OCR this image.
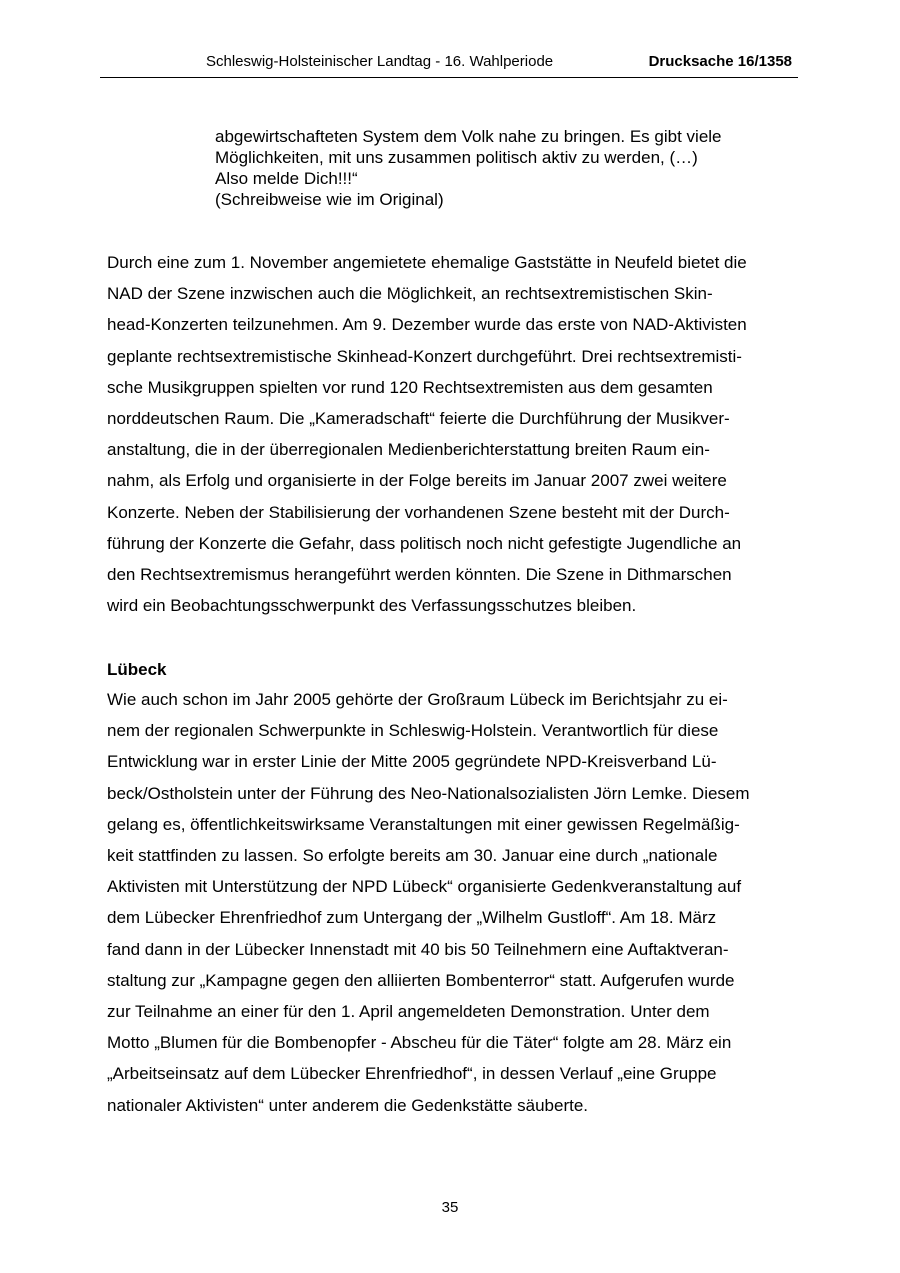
Schleswig-Holsteinischer Landtag - 16. Wahlperiode	Drucksache 16/1358
abgewirtschafteten System dem Volk nahe zu bringen. Es gibt viele
Möglichkeiten, mit uns zusammen politisch aktiv zu werden, (…)
Also melde Dich!!!“
(Schreibweise wie im Original)
Durch eine zum 1. November angemietete ehemalige Gaststätte in Neufeld bietet die
NAD der Szene inzwischen auch die Möglichkeit, an rechtsextremistischen Skin-
head-Konzerten teilzunehmen. Am 9. Dezember wurde das erste von NAD-Aktivisten
geplante rechtsextremistische Skinhead-Konzert durchgeführt. Drei rechtsextremisti-
sche Musikgruppen spielten vor rund 120 Rechtsextremisten aus dem gesamten
norddeutschen Raum. Die „Kameradschaft“ feierte die Durchführung der Musikver-
anstaltung, die in der überregionalen Medienberichterstattung breiten Raum ein-
nahm, als Erfolg und organisierte in der Folge bereits im Januar 2007 zwei weitere
Konzerte. Neben der Stabilisierung der vorhandenen Szene besteht mit der Durch-
führung der Konzerte die Gefahr, dass politisch noch nicht gefestigte Jugendliche an
den Rechtsextremismus herangeführt werden könnten. Die Szene in Dithmarschen
wird ein Beobachtungsschwerpunkt des Verfassungsschutzes bleiben.
Lübeck
Wie auch schon im Jahr 2005 gehörte der Großraum Lübeck im Berichtsjahr zu ei-
nem der regionalen Schwerpunkte in Schleswig-Holstein. Verantwortlich für diese
Entwicklung war in erster Linie der Mitte 2005 gegründete NPD-Kreisverband Lü-
beck/Ostholstein unter der Führung des Neo-Nationalsozialisten Jörn Lemke. Diesem
gelang es, öffentlichkeitswirksame Veranstaltungen mit einer gewissen Regelmäßig-
keit stattfinden zu lassen. So erfolgte bereits am 30. Januar eine durch „nationale
Aktivisten mit Unterstützung der NPD Lübeck“ organisierte Gedenkveranstaltung auf
dem Lübecker Ehrenfriedhof zum Untergang der „Wilhelm Gustloff“. Am 18. März
fand dann in der Lübecker Innenstadt mit 40 bis 50 Teilnehmern eine Auftaktveran-
staltung zur „Kampagne gegen den alliierten Bombenterror“ statt. Aufgerufen wurde
zur Teilnahme an einer für den 1. April angemeldeten Demonstration. Unter dem
Motto „Blumen für die Bombenopfer - Abscheu für die Täter“ folgte am 28. März ein
„Arbeitseinsatz auf dem Lübecker Ehrenfriedhof“, in dessen Verlauf „eine Gruppe
nationaler Aktivisten“ unter anderem die Gedenkstätte säuberte.
35
